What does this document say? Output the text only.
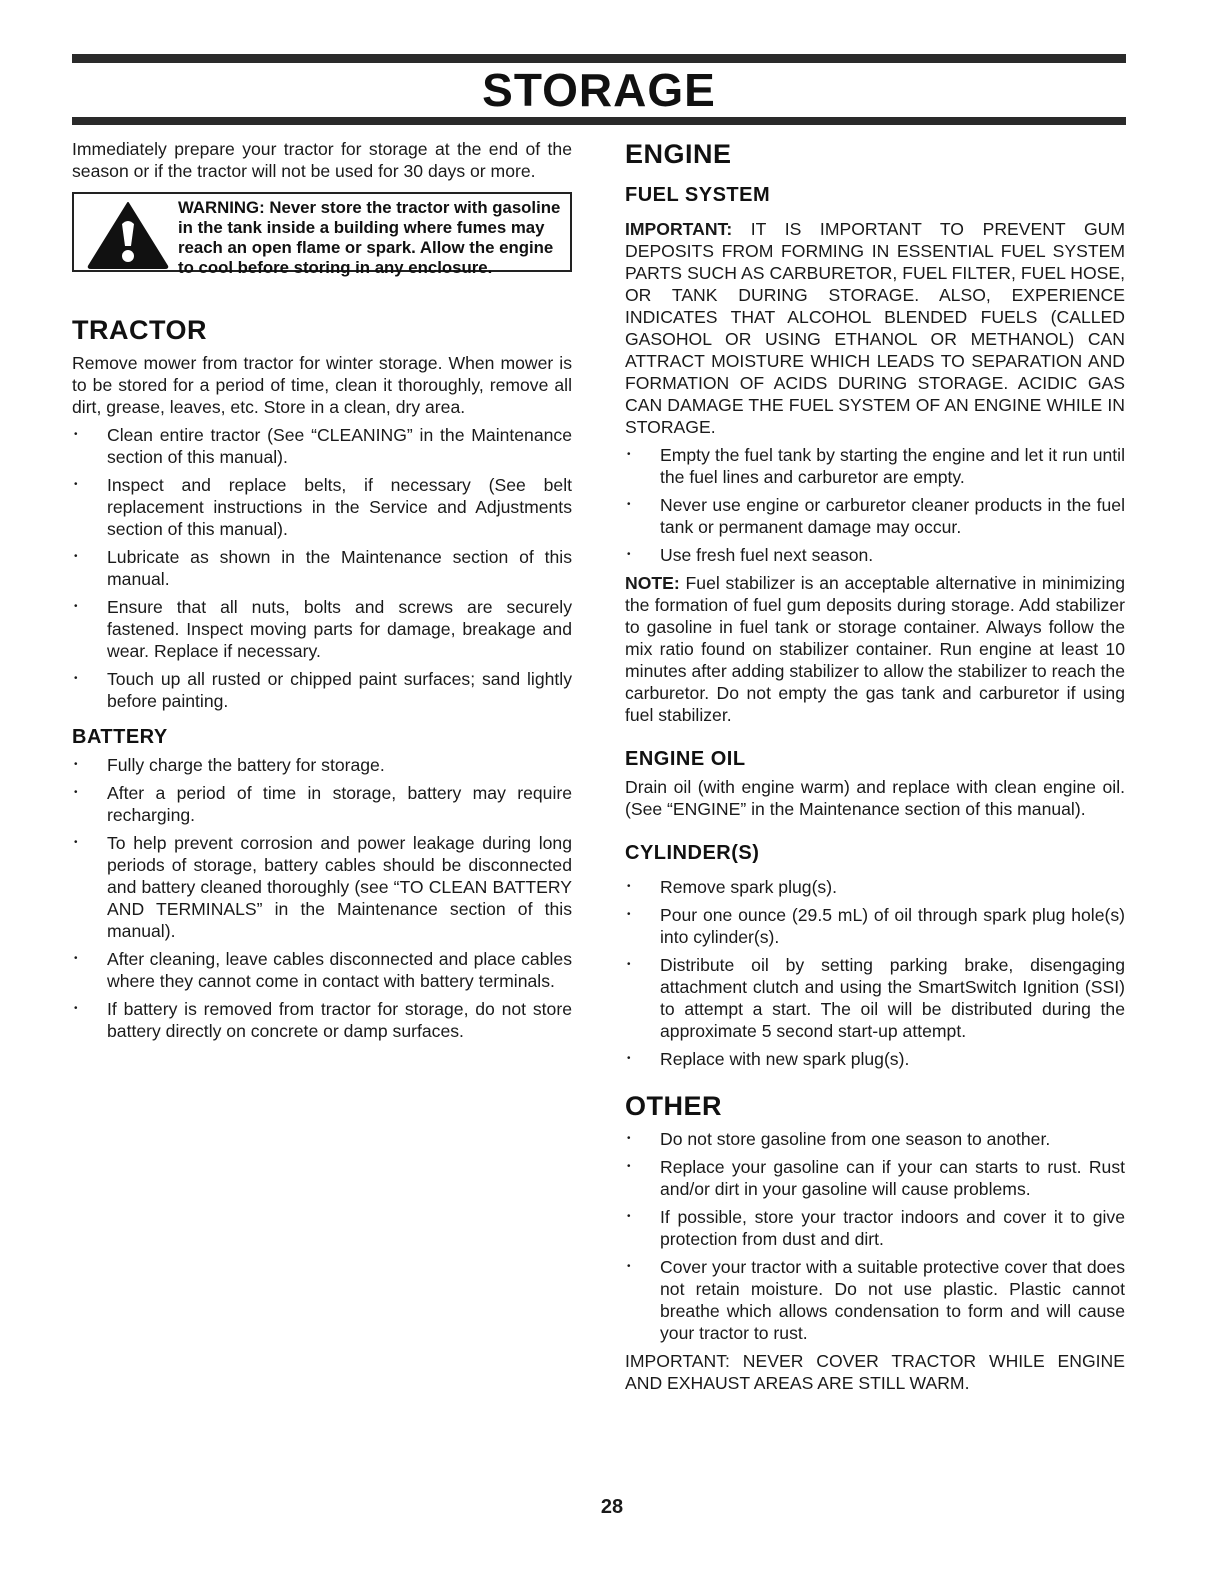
STORAGE

Immediately prepare your tractor for storage at the end of the season or if the tractor will not be used for 30 days or more.

WARNING: Never store the tractor with gasoline in the tank inside a building where fumes may reach an open flame or spark. Allow the engine to cool before storing in any enclosure.
TRACTOR

Remove mower from tractor for winter storage. When mower is to be stored for a period of time, clean it thoroughly, remove all dirt, grease, leaves, etc. Store in a clean, dry area.

• Clean entire tractor (See “CLEANING” in the Maintenance section of this manual).
• Inspect and replace belts, if necessary (See belt replacement instructions in the Service and Adjustments section of this manual).
• Lubricate as shown in the Maintenance section of this manual.
• Ensure that all nuts, bolts and screws are securely fastened. Inspect moving parts for damage, breakage and wear. Replace if necessary.
• Touch up all rusted or chipped paint surfaces; sand lightly before painting.
BATTERY
• Fully charge the battery for storage.
• After a period of time in storage, battery may require recharging.
• To help prevent corrosion and power leakage during long periods of storage, battery cables should be disconnected and battery cleaned thoroughly (see “TO CLEAN BATTERY AND TERMINALS” in the Maintenance section of this manual).
• After cleaning, leave cables disconnected and place cables where they cannot come in contact with battery terminals.
• If battery is removed from tractor for storage, do not store battery directly on concrete or damp surfaces.
ENGINE
FUEL SYSTEM

IMPORTANT: IT IS IMPORTANT TO PREVENT GUM DEPOSITS FROM FORMING IN ESSENTIAL FUEL SYSTEM PARTS SUCH AS CARBURETOR, FUEL FILTER, FUEL HOSE, OR TANK DURING STORAGE. ALSO, EXPERIENCE INDICATES THAT ALCOHOL BLENDED FUELS (CALLED GASOHOL OR USING ETHANOL OR METHANOL) CAN ATTRACT MOISTURE WHICH LEADS TO SEPARATION AND FORMATION OF ACIDS DURING STORAGE. ACIDIC GAS CAN DAMAGE THE FUEL SYSTEM OF AN ENGINE WHILE IN STORAGE.

• Empty the fuel tank by starting the engine and let it run until the fuel lines and carburetor are empty.
• Never use engine or carburetor cleaner products in the fuel tank or permanent damage may occur.
• Use fresh fuel next season.

NOTE: Fuel stabilizer is an acceptable alternative in minimizing the formation of fuel gum deposits during storage. Add stabilizer to gasoline in fuel tank or storage container. Always follow the mix ratio found on stabilizer container. Run engine at least 10 minutes after adding stabilizer to allow the stabilizer to reach the carburetor. Do not empty the gas tank and carburetor if using fuel stabilizer.

ENGINE OIL

Drain oil (with engine warm) and replace with clean engine oil. (See “ENGINE” in the Maintenance section of this manual).

CYLINDER(S)
• Remove spark plug(s).
• Pour one ounce (29.5 mL) of oil through spark plug hole(s) into cylinder(s).
• Distribute oil by setting parking brake, disengaging attachment clutch and using the SmartSwitch Ignition (SSI) to attempt a start. The oil will be distributed during the approximate 5 second start-up attempt.
• Replace with new spark plug(s).
OTHER
• Do not store gasoline from one season to another.
• Replace your gasoline can if your can starts to rust. Rust and/or dirt in your gasoline will cause problems.
• If possible, store your tractor indoors and cover it to give protection from dust and dirt.
• Cover your tractor with a suitable protective cover that does not retain moisture. Do not use plastic. Plastic cannot breathe which allows condensation to form and will cause your tractor to rust.

IMPORTANT: NEVER COVER TRACTOR WHILE ENGINE AND EXHAUST AREAS ARE STILL WARM.

28
